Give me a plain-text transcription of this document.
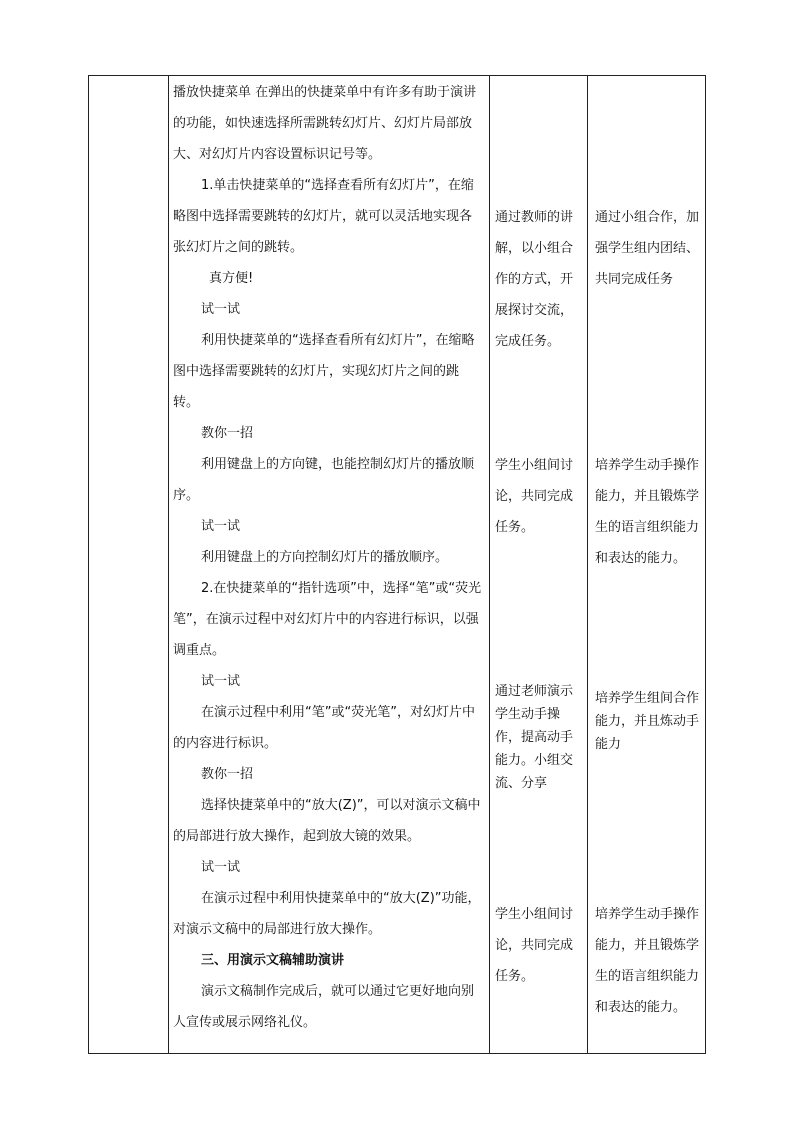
播放快捷菜单 在弹出的快捷菜单中有许多有助于演讲的功能，如快速选择所需跳转幻灯片、幻灯片局部放大、对幻灯片内容设置标识记号等。

1.单击快捷菜单的“选择查看所有幻灯片”，在缩略图中选择需要跳转的幻灯片，就可以灵活地实现各张幻灯片之间的跳转。

真方便!

试一试

利用快捷菜单的“选择查看所有幻灯片”，在缩略图中选择需要跳转的幻灯片，实现幻灯片之间的跳转。

教你一招

利用键盘上的方向键，也能控制幻灯片的播放顺序。

试一试

利用键盘上的方向控制幻灯片的播放顺序。

2.在快捷菜单的“指针选项”中，选择“笔”或“荧光笔”，在演示过程中对幻灯片中的内容进行标识，以强调重点。

试一试

在演示过程中利用“笔”或“荧光笔”，对幻灯片中的内容进行标识。

教你一招

选择快捷菜单中的“放大(Z)”，可以对演示文稿中的局部进行放大操作，起到放大镜的效果。

试一试

在演示过程中利用快捷菜单中的“放大(Z)”功能，对演示文稿中的局部进行放大操作。

三、用演示文稿辅助演讲

演示文稿制作完成后，就可以通过它更好地向别人宣传或展示网络礼仪。

通过教师的讲解，以小组合作的方式，开展探讨交流，完成任务。
学生小组间讨论，共同完成任务。
通过老师演示学生动手操作，提高动手能力。小组交流、分享
学生小组间讨论，共同完成任务。
通过小组合作，加强学生组内团结、共同完成任务
培养学生动手操作能力，并且锻炼学生的语言组织能力和表达的能力。
培养学生组间合作能力，并且炼动手能力
培养学生动手操作能力，并且锻炼学生的语言组织能力和表达的能力。
